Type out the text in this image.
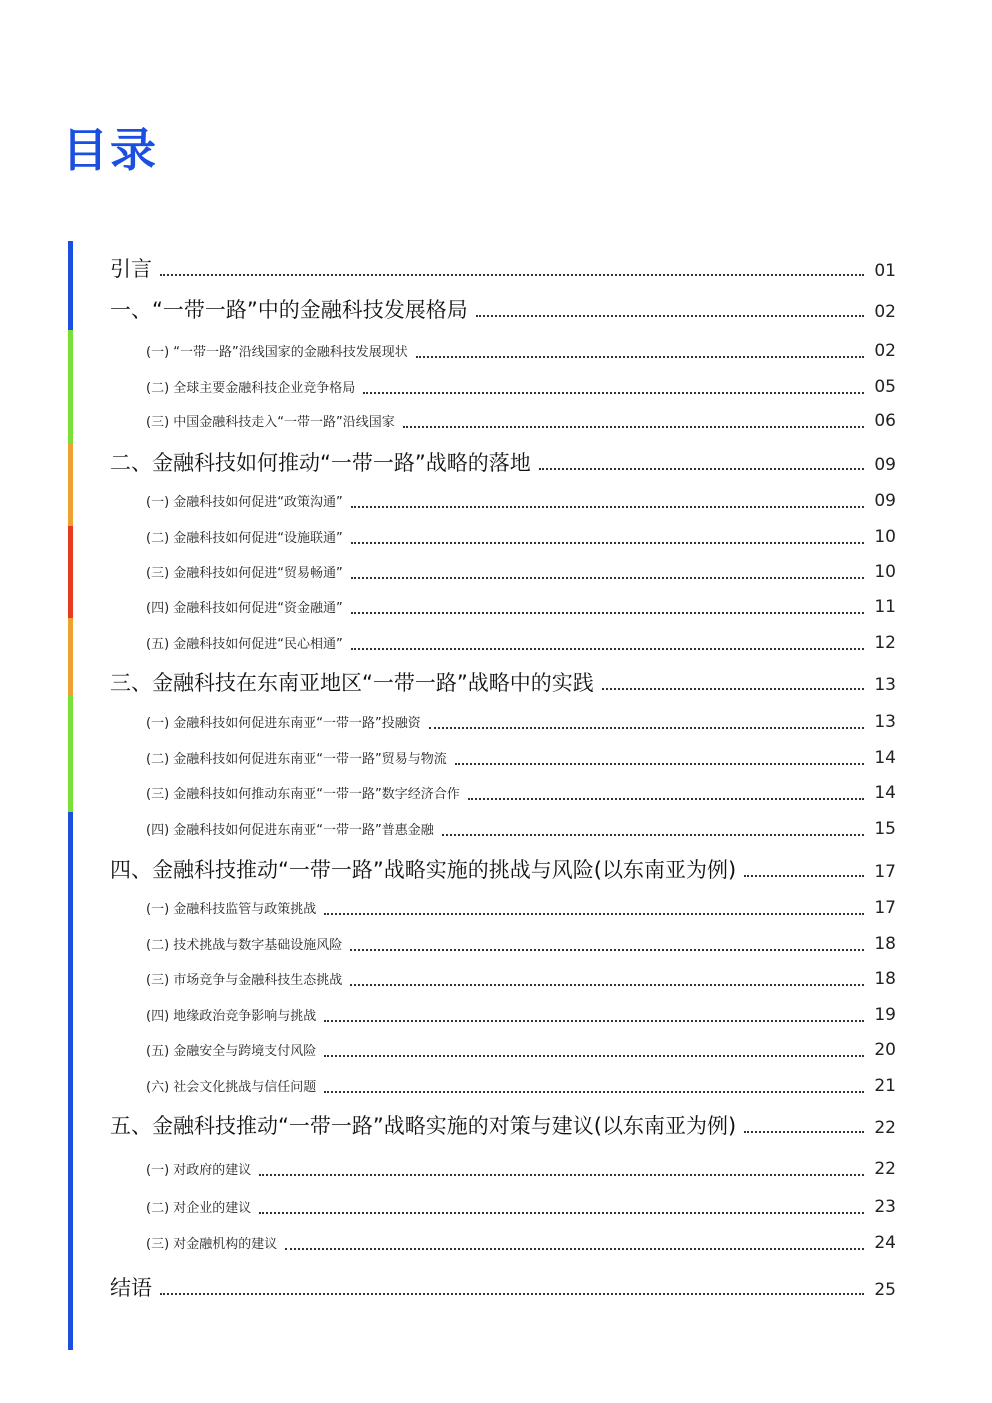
目录
引言	01
一、“一带一路”中的金融科技发展格局	02
(一) “一带一路”沿线国家的金融科技发展现状	02
(二) 全球主要金融科技企业竞争格局	05
(三) 中国金融科技走入“一带一路”沿线国家	06
二、金融科技如何推动“一带一路”战略的落地	09
(一) 金融科技如何促进“政策沟通”	09
(二) 金融科技如何促进“设施联通”	10
(三) 金融科技如何促进“贸易畅通”	10
(四) 金融科技如何促进“资金融通”	11
(五) 金融科技如何促进“民心相通”	12
三、金融科技在东南亚地区“一带一路”战略中的实践	13
(一) 金融科技如何促进东南亚“一带一路”投融资	13
(二) 金融科技如何促进东南亚“一带一路”贸易与物流	14
(三) 金融科技如何推动东南亚“一带一路”数字经济合作	14
(四) 金融科技如何促进东南亚“一带一路”普惠金融	15
四、金融科技推动“一带一路”战略实施的挑战与风险(以东南亚为例)	17
(一) 金融科技监管与政策挑战	17
(二) 技术挑战与数字基础设施风险	18
(三) 市场竞争与金融科技生态挑战	18
(四) 地缘政治竞争影响与挑战	19
(五) 金融安全与跨境支付风险	20
(六) 社会文化挑战与信任问题	21
五、金融科技推动“一带一路”战略实施的对策与建议(以东南亚为例)	22
(一) 对政府的建议	22
(二) 对企业的建议	23
(三) 对金融机构的建议	24
结语	25
